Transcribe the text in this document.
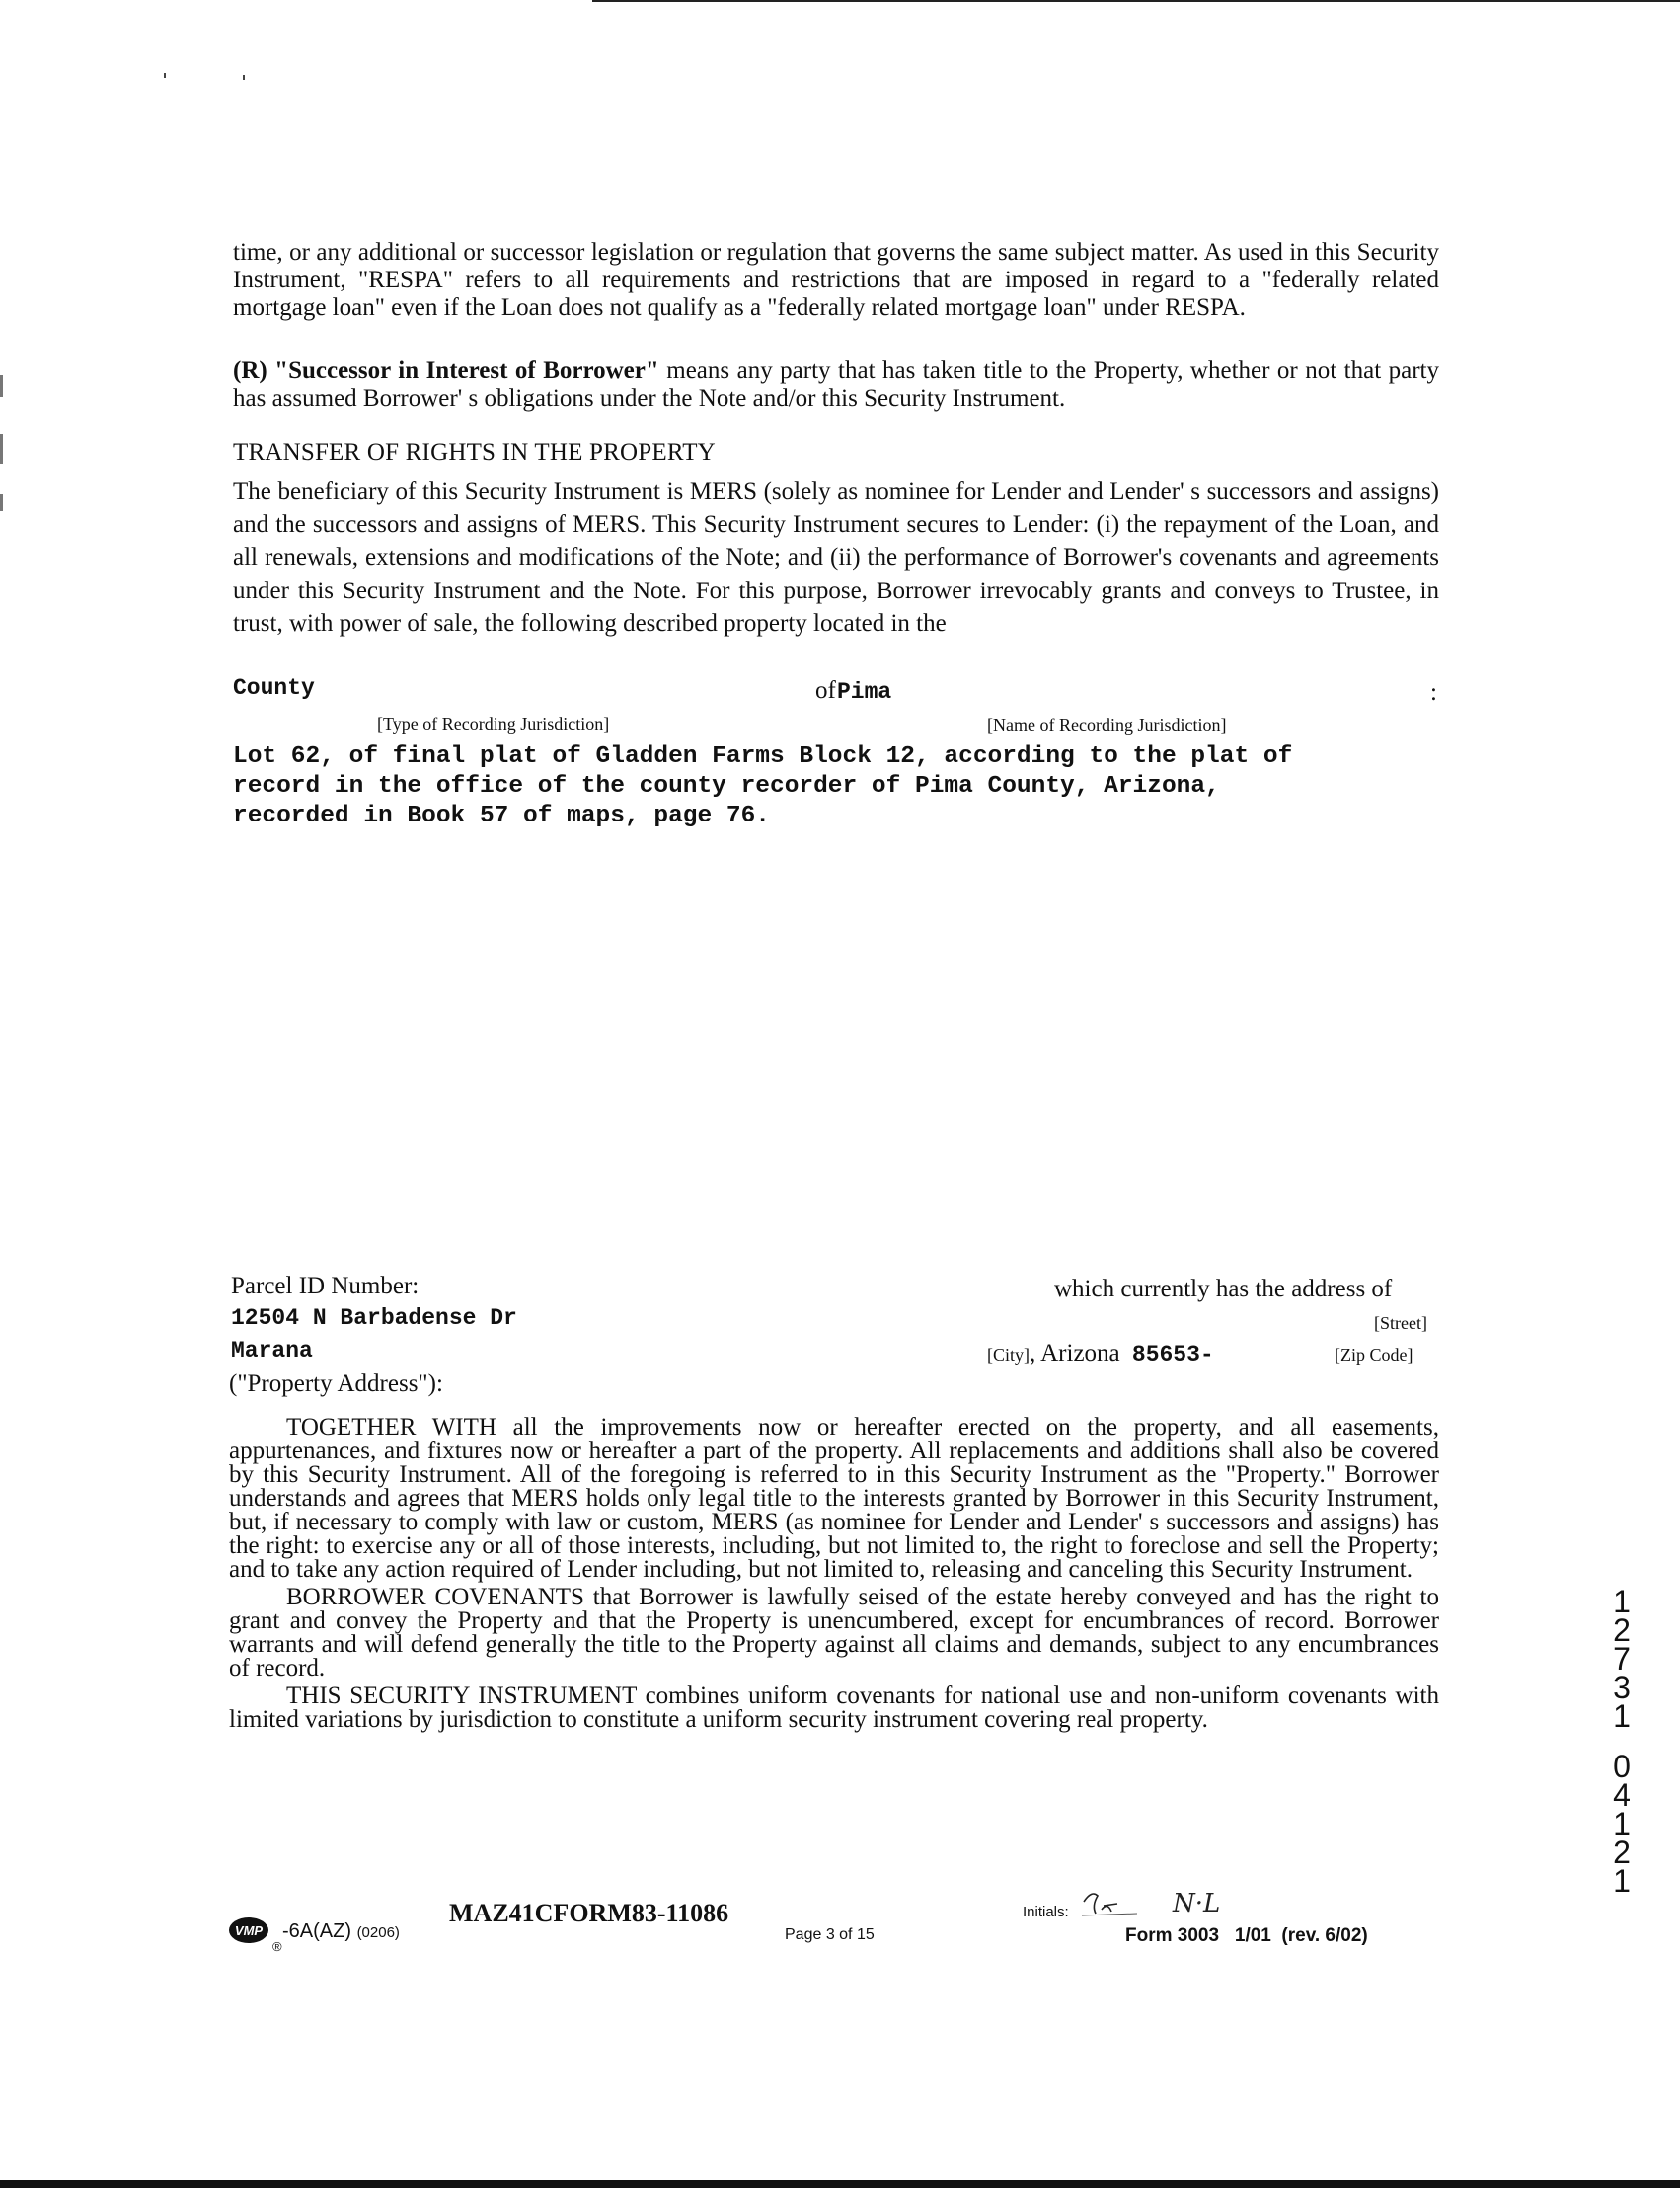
time, or any additional or successor legislation or regulation that governs the same subject matter. As used in this Security Instrument, "RESPA" refers to all requirements and restrictions that are imposed in regard to a "federally related mortgage loan" even if the Loan does not qualify as a "federally related mortgage loan" under RESPA.
(R) "Successor in Interest of Borrower" means any party that has taken title to the Property, whether or not that party has assumed Borrower' s obligations under the Note and/or this Security Instrument.
TRANSFER OF RIGHTS IN THE PROPERTY
The beneficiary of this Security Instrument is MERS (solely as nominee for Lender and Lender' s successors and assigns) and the successors and assigns of MERS. This Security Instrument secures to Lender: (i) the repayment of the Loan, and all renewals, extensions and modifications of the Note; and (ii) the performance of Borrower's covenants and agreements under this Security Instrument and the Note. For this purpose, Borrower irrevocably grants and conveys to Trustee, in trust, with power of sale, the following described property located in the
County	of Pima	:
[Type of Recording Jurisdiction]	[Name of Recording Jurisdiction]
Lot 62, of final plat of Gladden Farms Block 12, according to the plat of
record in the office of the county recorder of Pima County, Arizona,
recorded in Book 57 of maps, page 76.
Parcel ID Number:	which currently has the address of
12504 N Barbadense Dr	[Street]
Marana	[City], Arizona 85653-	[Zip Code]
("Property Address"):

TOGETHER WITH all the improvements now or hereafter erected on the property, and all easements, appurtenances, and fixtures now or hereafter a part of the property. All replacements and additions shall also be covered by this Security Instrument. All of the foregoing is referred to in this Security Instrument as the "Property." Borrower understands and agrees that MERS holds only legal title to the interests granted by Borrower in this Security Instrument, but, if necessary to comply with law or custom, MERS (as nominee for Lender and Lender' s successors and assigns) has the right: to exercise any or all of those interests, including, but not limited to, the right to foreclose and sell the Property; and to take any action required of Lender including, but not limited to, releasing and canceling this Security Instrument.

BORROWER COVENANTS that Borrower is lawfully seised of the estate hereby conveyed and has the right to grant and convey the Property and that the Property is unencumbered, except for encumbrances of record. Borrower warrants and will defend generally the title to the Property against all claims and demands, subject to any encumbrances of record.

THIS SECURITY INSTRUMENT combines uniform covenants for national use and non-uniform covenants with limited variations by jurisdiction to constitute a uniform security instrument covering real property.

VMP
®
-6A(AZ) (0206)
MAZ41CFORM83-11086
Page 3 of 15
Initials:	N·L
Form 3003   1/01  (rev. 6/02)
1
2
7
3
1
0
4
1
2
1
